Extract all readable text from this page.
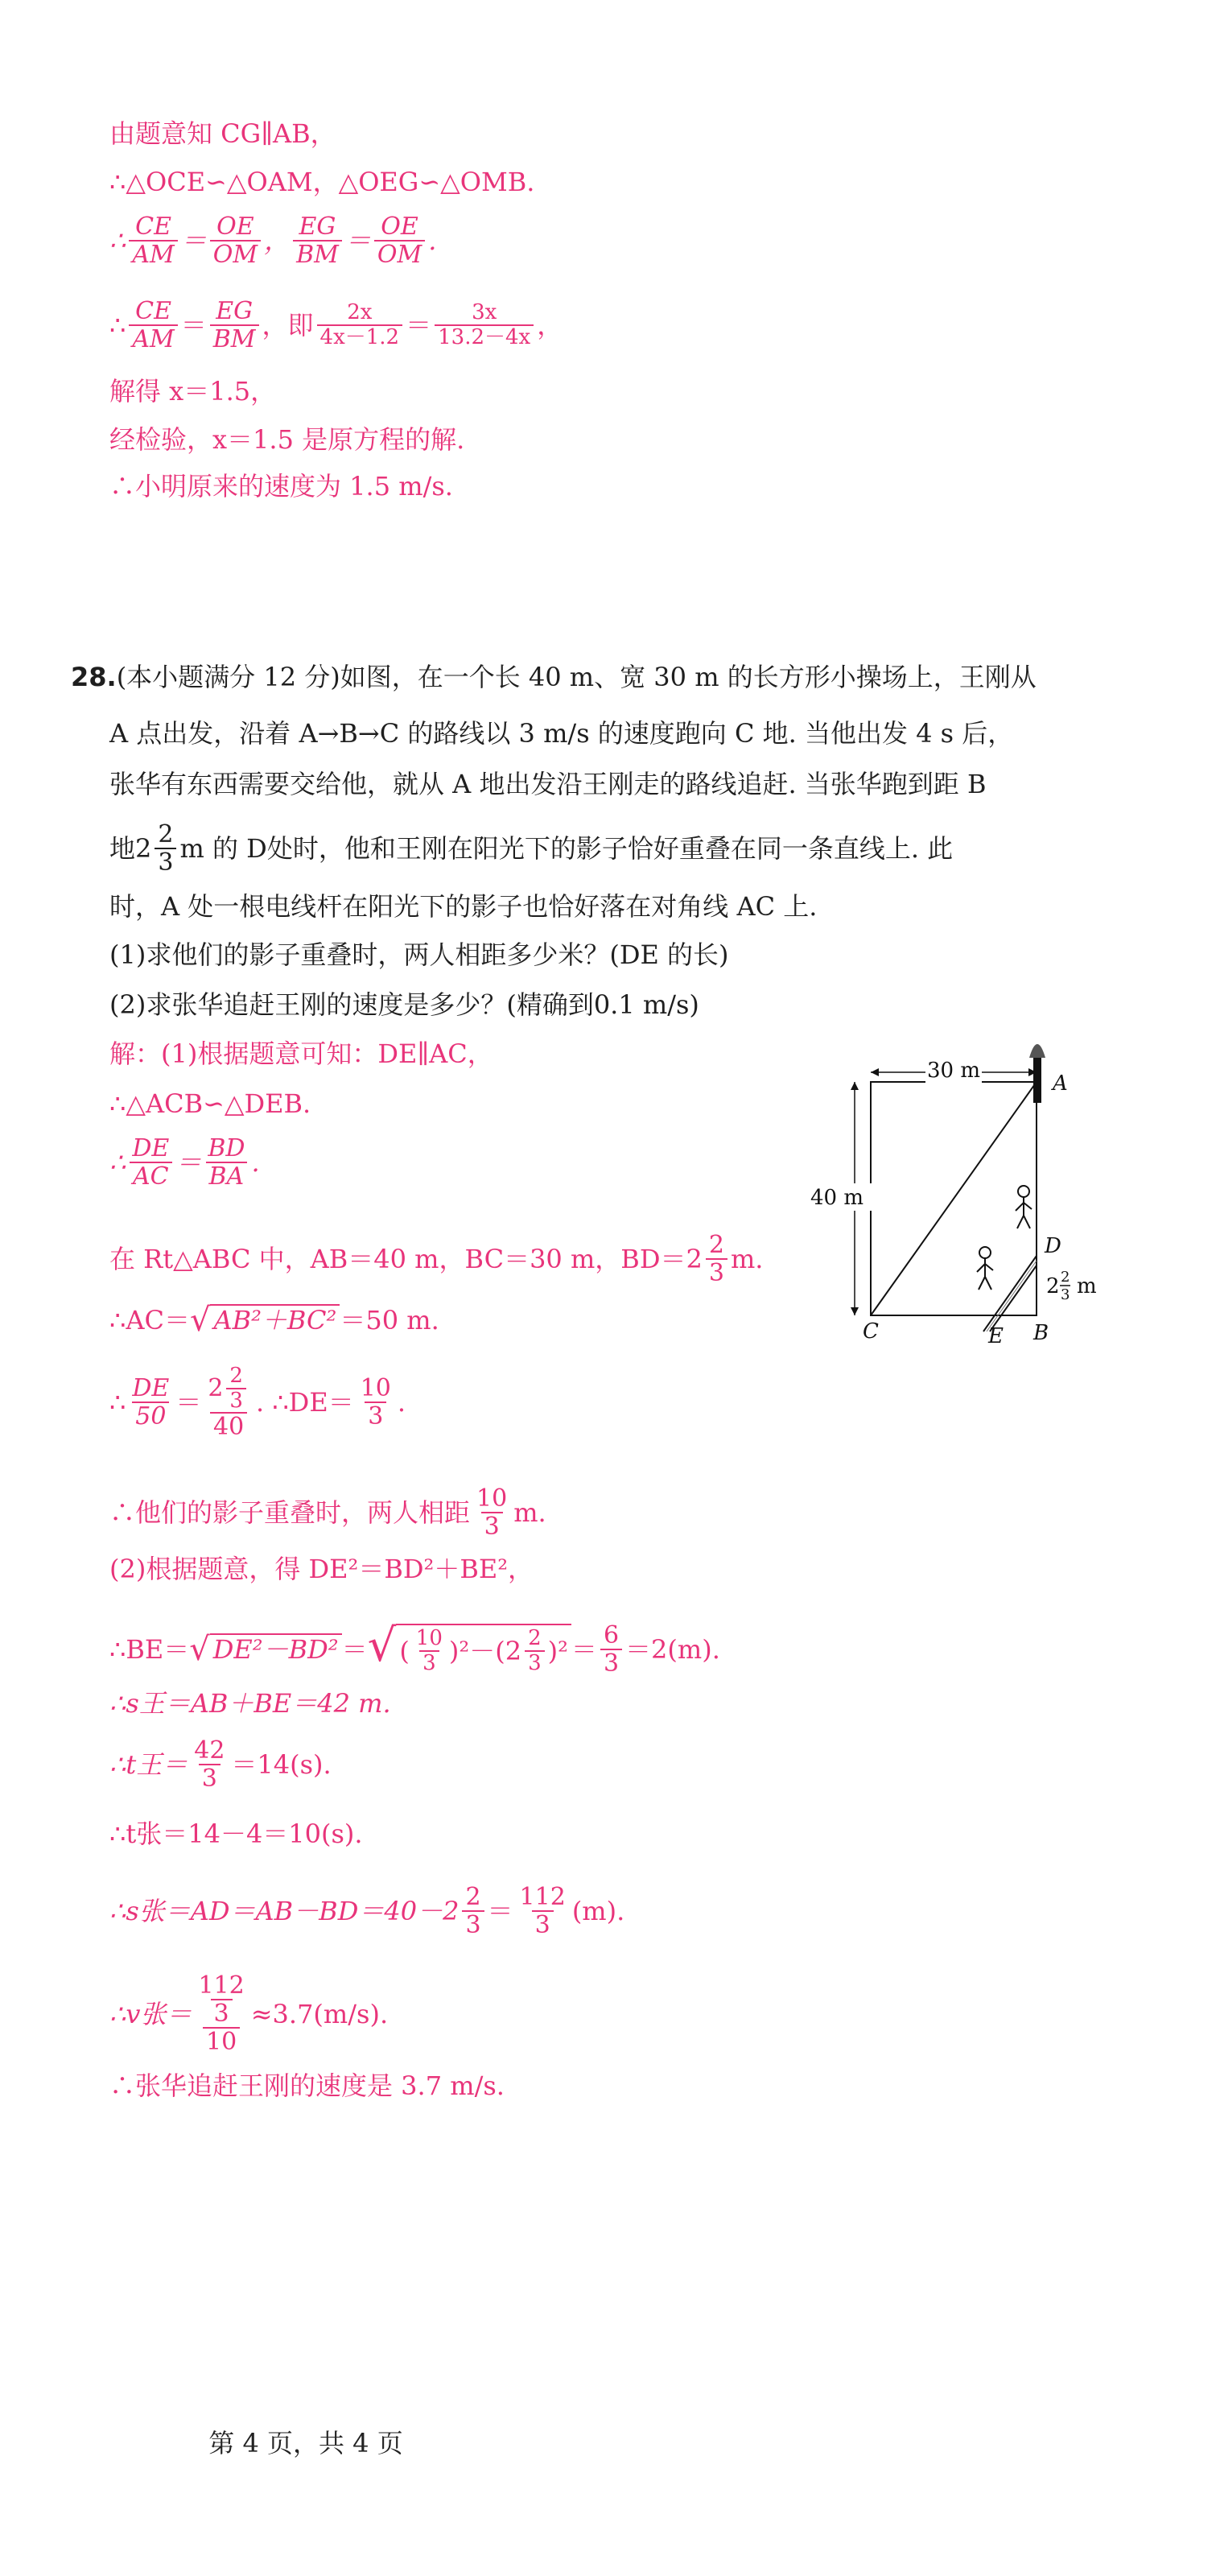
由题意知 CG∥AB，
∴△OCE∽△OAM，△OEG∽△OMB.
∴ $\frac{CE}{AM} = \frac{OE}{OM}$ ， $\frac{EG}{BM} = \frac{OE}{OM}$ .
∴ $\frac{CE}{AM} = \frac{EG}{BM}$ ，即 $\frac{2x}{4x-1.2} = \frac{3x}{13.2-4x}$ ，
解得 x＝1.5，
经检验，x＝1.5 是原方程的解.
∴小明原来的速度为 1.5 m/s.
28. (本小题满分 12 分)如图，在一个长 40 m、宽 30 m 的长方形小操场上，王刚从
A 点出发，沿着 A→B→C 的路线以 3 m/s 的速度跑向 C 地. 当他出发 4 s 后，
张华有东西需要交给他，就从 A 地出发沿王刚走的路线追赶. 当张华跑到距 B
地$2 \frac{2}{3}$ m 的 D处时，他和王刚在阳光下的影子恰好重叠在同一条直线上. 此
时，A 处一根电线杆在阳光下的影子也恰好落在对角线 AC 上.
(1)求他们的影子重叠时，两人相距多少米？(DE 的长)
(2)求张华追赶王刚的速度是多少？(精确到0.1 m/s)
解：(1)根据题意可知：DE∥AC，
∴△ACB∽△DEB.
∴ $\frac{DE}{AC} = \frac{BD}{BA}$ .
在 Rt△ABC 中，AB＝40 m，BC＝30 m，$BD=2 \frac{2}{3} m$.
∴AC＝ √ AB²＋BC² ＝50 m.
∴ $\frac{DE}{50} = \frac{2 \frac{2}{3}}{40}$ . ∴DE＝ $\frac{10}{3}$ .
∴他们的影子重叠时，两人相距 $\frac{10}{3} m$.
(2)根据题意，得 DE²＝BD²＋BE²，
∴BE＝ √ DE²－BD² ＝ √ ( $\frac{10}{3} )^2-(2 \frac{2}{3} )^2 = \frac{6}{3} =2(m)$.
∴s王＝AB＋BE＝42 m.
∴t王＝ $\frac{42}{3} =14(s)$.
∴t张＝14－4＝10(s).
∴s张$=AD=AB-BD=40-2 \frac{2}{3} = \frac{112}{3} (m)$.
∴v张＝ 112
3
10 ≈3.7(m/s).
∴张华追赶王刚的速度是 3.7 m/s.
30 m
40 m
A
C	B
D
E
2 2
3 m
第 4 页，共 4 页
